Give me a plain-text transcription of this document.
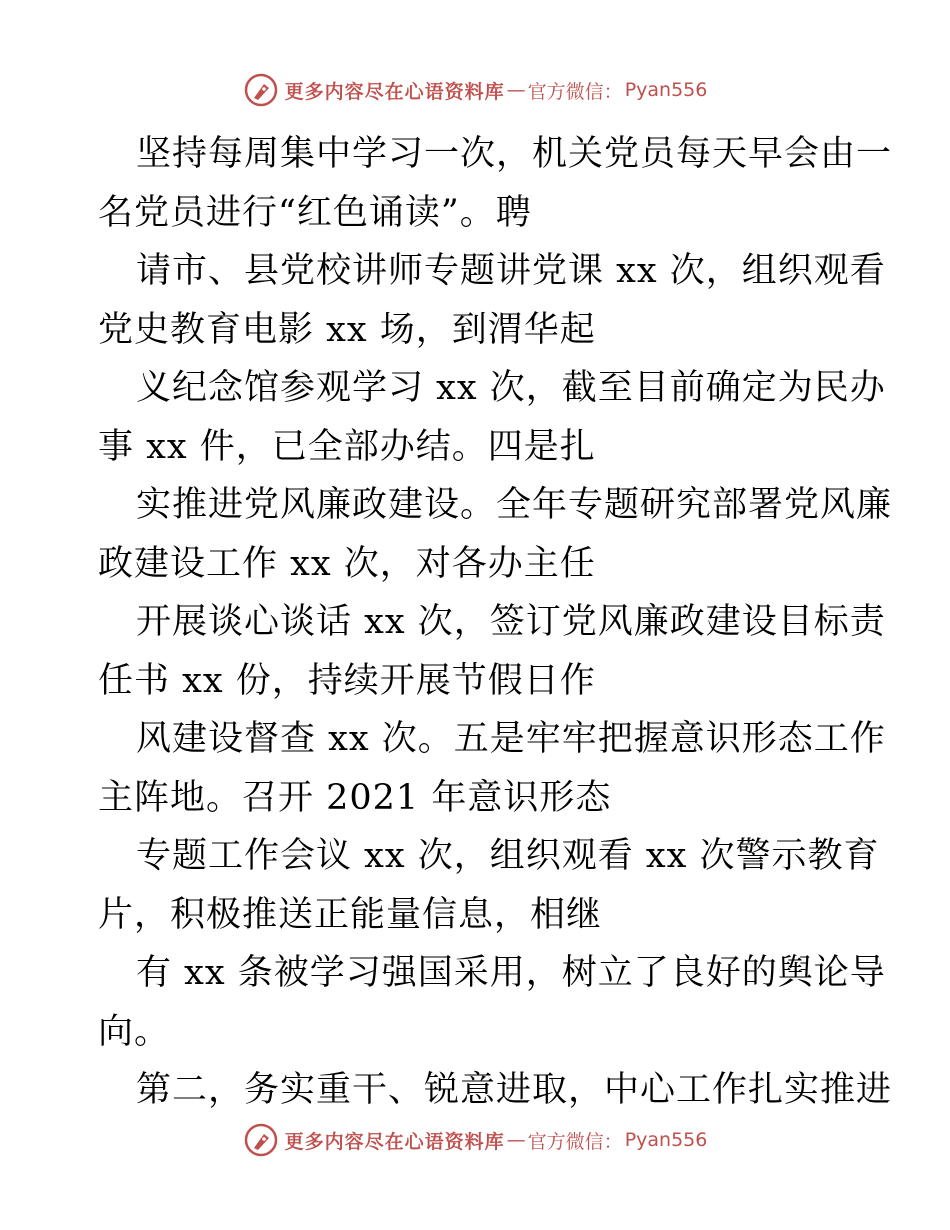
更多内容尽在心语资料库 — 官方微信： Pyan556
坚持每周集中学习一次，机关党员每天早会由一
名党员进行“红色诵读”。聘
请市、县党校讲师专题讲党课 xx 次，组织观看
党史教育电影 xx 场，到渭华起
义纪念馆参观学习 xx 次，截至目前确定为民办
事 xx 件，已全部办结。四是扎
实推进党风廉政建设。全年专题研究部署党风廉
政建设工作 xx 次，对各办主任
开展谈心谈话 xx 次，签订党风廉政建设目标责
任书 xx 份，持续开展节假日作
风建设督查 xx 次。五是牢牢把握意识形态工作
主阵地。召开 2021 年意识形态
专题工作会议 xx 次，组织观看 xx 次警示教育
片，积极推送正能量信息，相继
有 xx 条被学习强国采用，树立了良好的舆论导
向。
第二，务实重干、锐意进取，中心工作扎实推进
更多内容尽在心语资料库 — 官方微信： Pyan556
